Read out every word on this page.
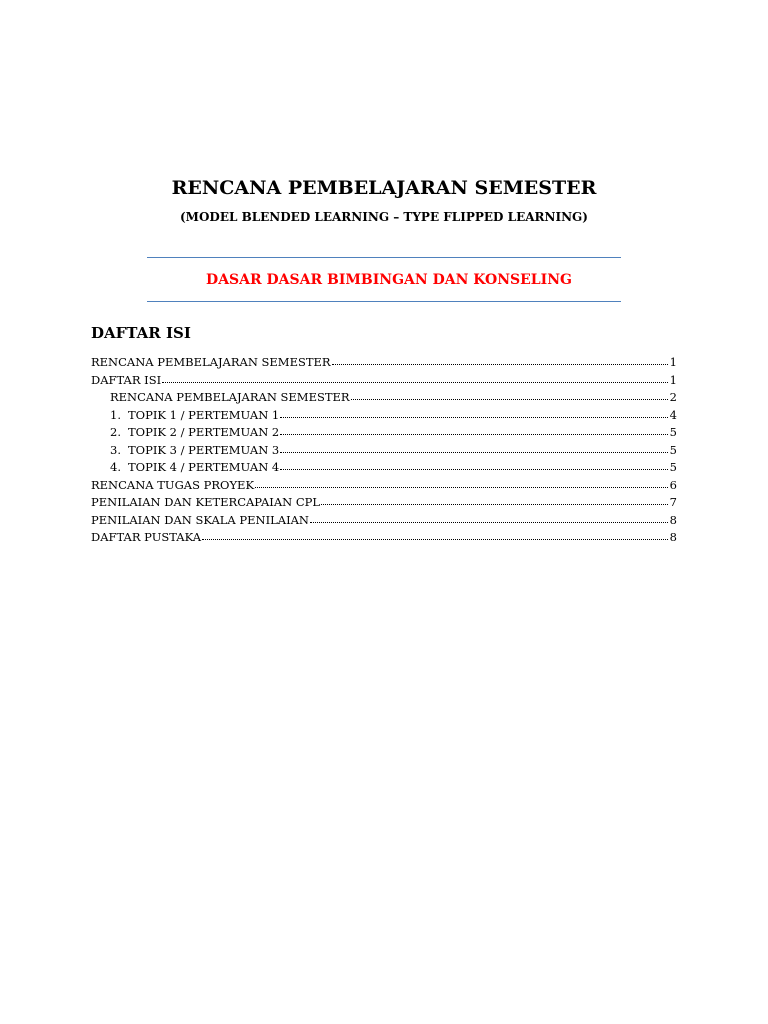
RENCANA PEMBELAJARAN SEMESTER
(MODEL BLENDED LEARNING – TYPE FLIPPED LEARNING)
DASAR DASAR BIMBINGAN DAN KONSELING
DAFTAR ISI
RENCANA PEMBELAJARAN SEMESTER	1
DAFTAR ISI	1
RENCANA PEMBELAJARAN SEMESTER	2
1. TOPIK 1 / PERTEMUAN 1	4
2. TOPIK 2 / PERTEMUAN 2	5
3. TOPIK 3 / PERTEMUAN 3	5
4. TOPIK 4 / PERTEMUAN 4	5
RENCANA TUGAS PROYEK	6
PENILAIAN DAN KETERCAPAIAN CPL	7
PENILAIAN DAN SKALA PENILAIAN	8
DAFTAR PUSTAKA	8
